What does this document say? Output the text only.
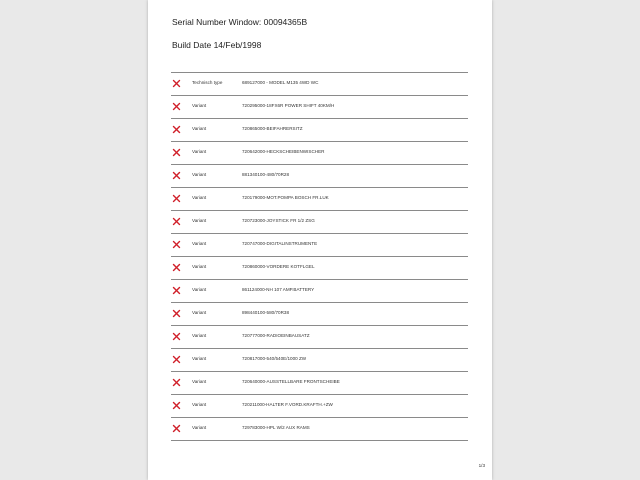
Serial Number Window: 00094365B
Build Date 14/Feb/1998
Technisch type	689127000 - MODEL M135 4WD WC
Variant	720295000-18FX6R POWER SHIFT 40KM/H
Variant	720865000-BEIFAHRERSITZ
Variant	720642000-HECKSCHEIBENWISCHER
Variant	881340100-480/70R28
Variant	720179000-MOT.POMPA BOSCH FR.LUK
Variant	720723000-JOYSTICK FR 1/2 ZSG
Variant	720747000-DIGITALINSTRUMENTE
Variant	720860000-VORDERE KOTFLGEL
Variant	861124000-NH 107 AMP.BATTERY
Variant	898440100-580/70R38
Variant	720777000-RADIOEINBAUSATZ
Variant	720817000-540/540E/1000 ZW
Variant	720640000-AUSSTELLBARE FRONTSCHEIBE
Variant	720211000-HALTER F.VORD.KRAFTH.+ZW
Variant	729783000-HPL W/2 AUX RAMS
1/3
